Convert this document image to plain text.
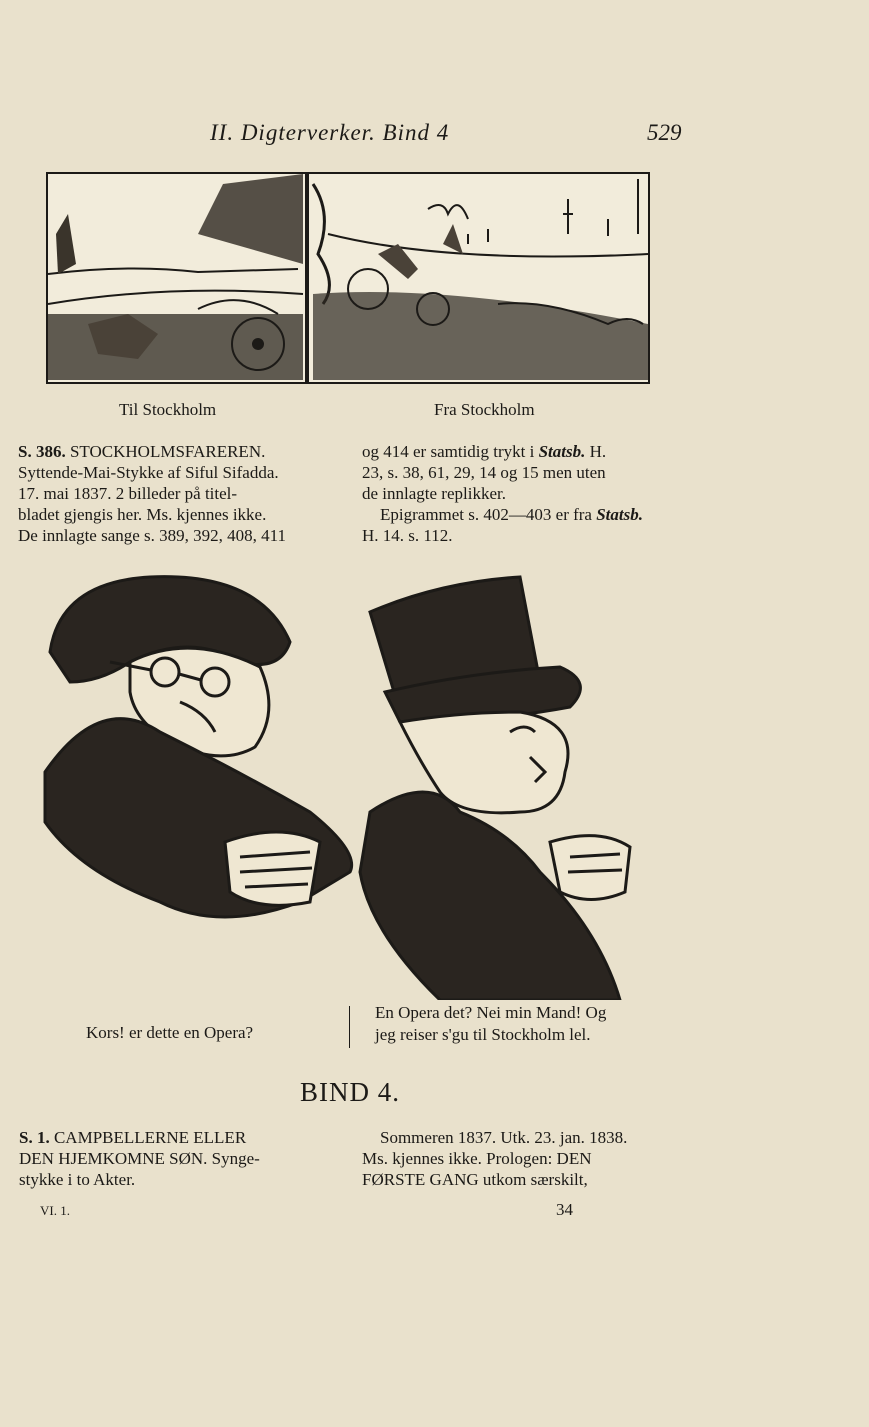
II. Digterverker. Bind 4	529
Til Stockholm	Fra Stockholm

S. 386. STOCKHOLMSFAREREN.

Syttende-Mai-Stykke af Siful Sifadda.

17. mai 1837. 2 billeder på titel-

bladet gjengis her. Ms. kjennes ikke.

De innlagte sange s. 389, 392, 408, 411

og 414 er samtidig trykt i Statsb. H.

23, s. 38, 61, 29, 14 og 15 men uten

de innlagte replikker.

Epigrammet s. 402—403 er fra Statsb.

H. 14. s. 112.

Kors! er dette en Opera?
En Opera det? Nei min Mand! Og
jeg reiser s'gu til Stockholm lel.
BIND 4.

S. 1. CAMPBELLERNE ELLER

DEN HJEMKOMNE SØN. Synge-

stykke i to Akter.

Sommeren 1837. Utk. 23. jan. 1838.

Ms. kjennes ikke. Prologen: DEN

FØRSTE GANG utkom særskilt,

VI. 1.	34
